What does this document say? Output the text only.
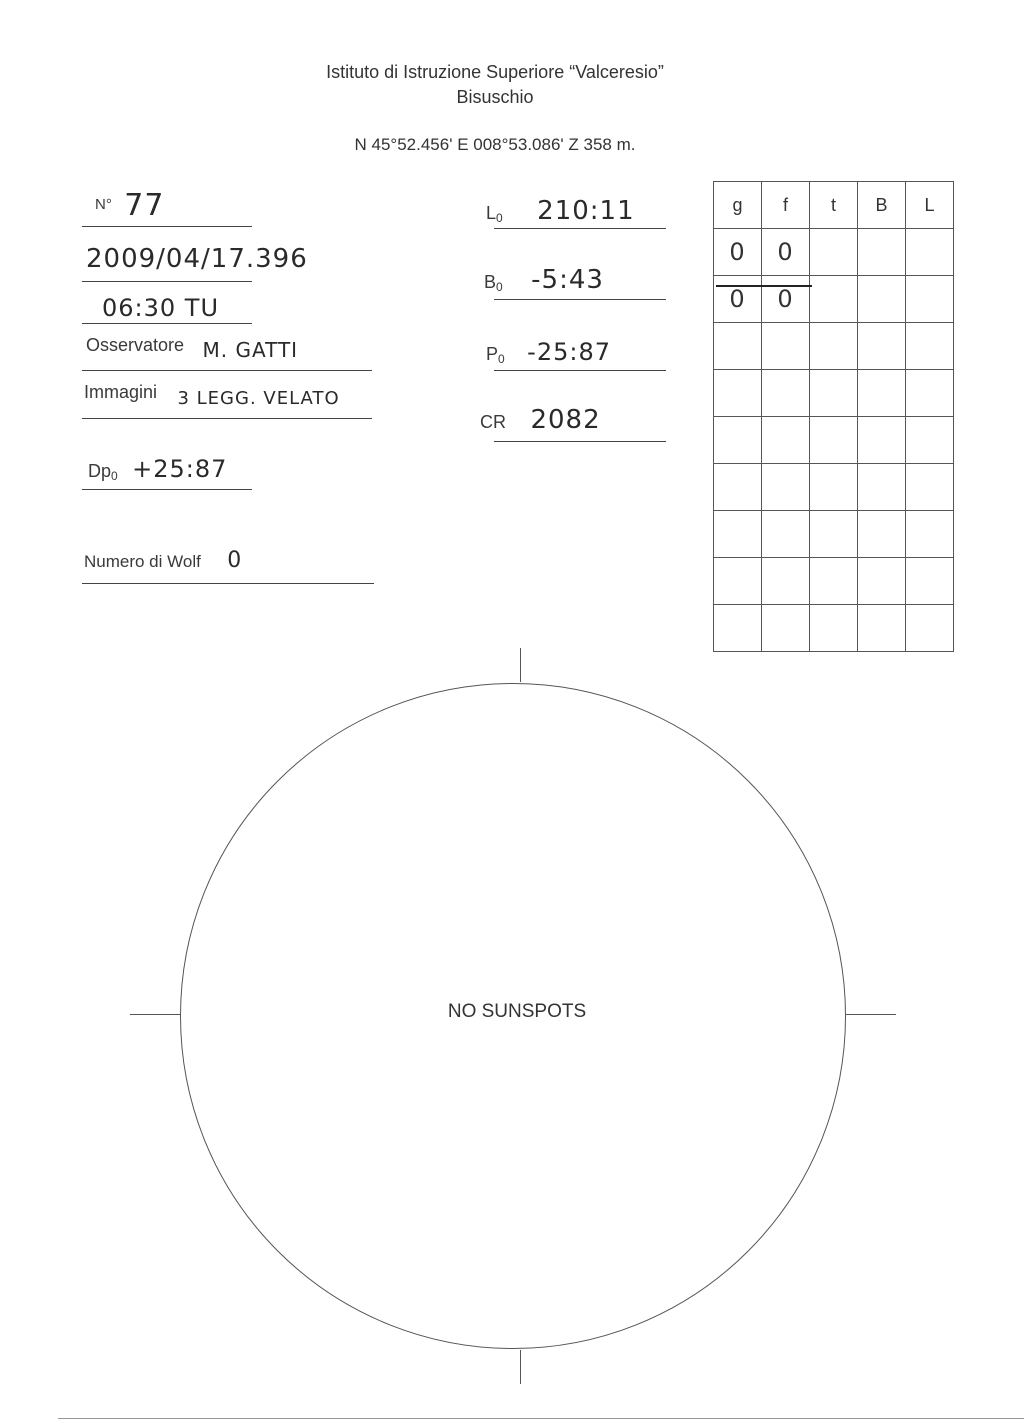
Istituto di Istruzione Superiore “Valceresio”
Bisuschio
N 45°52.456' E 008°53.086' Z 358 m.
N° 77
2009/04/17.396
06:30 TU
Osservatore M. GATTI
Immagini 3 LEGG. VELATO
$Dp_0$ +25:87
Numero di Wolf 0
$L_0$ 210:11
$B_0$ -5:43
$P_0$ -25:87
CR 2082
g	f	t	B	L
0	0			
0	0			

NO SUNSPOTS
